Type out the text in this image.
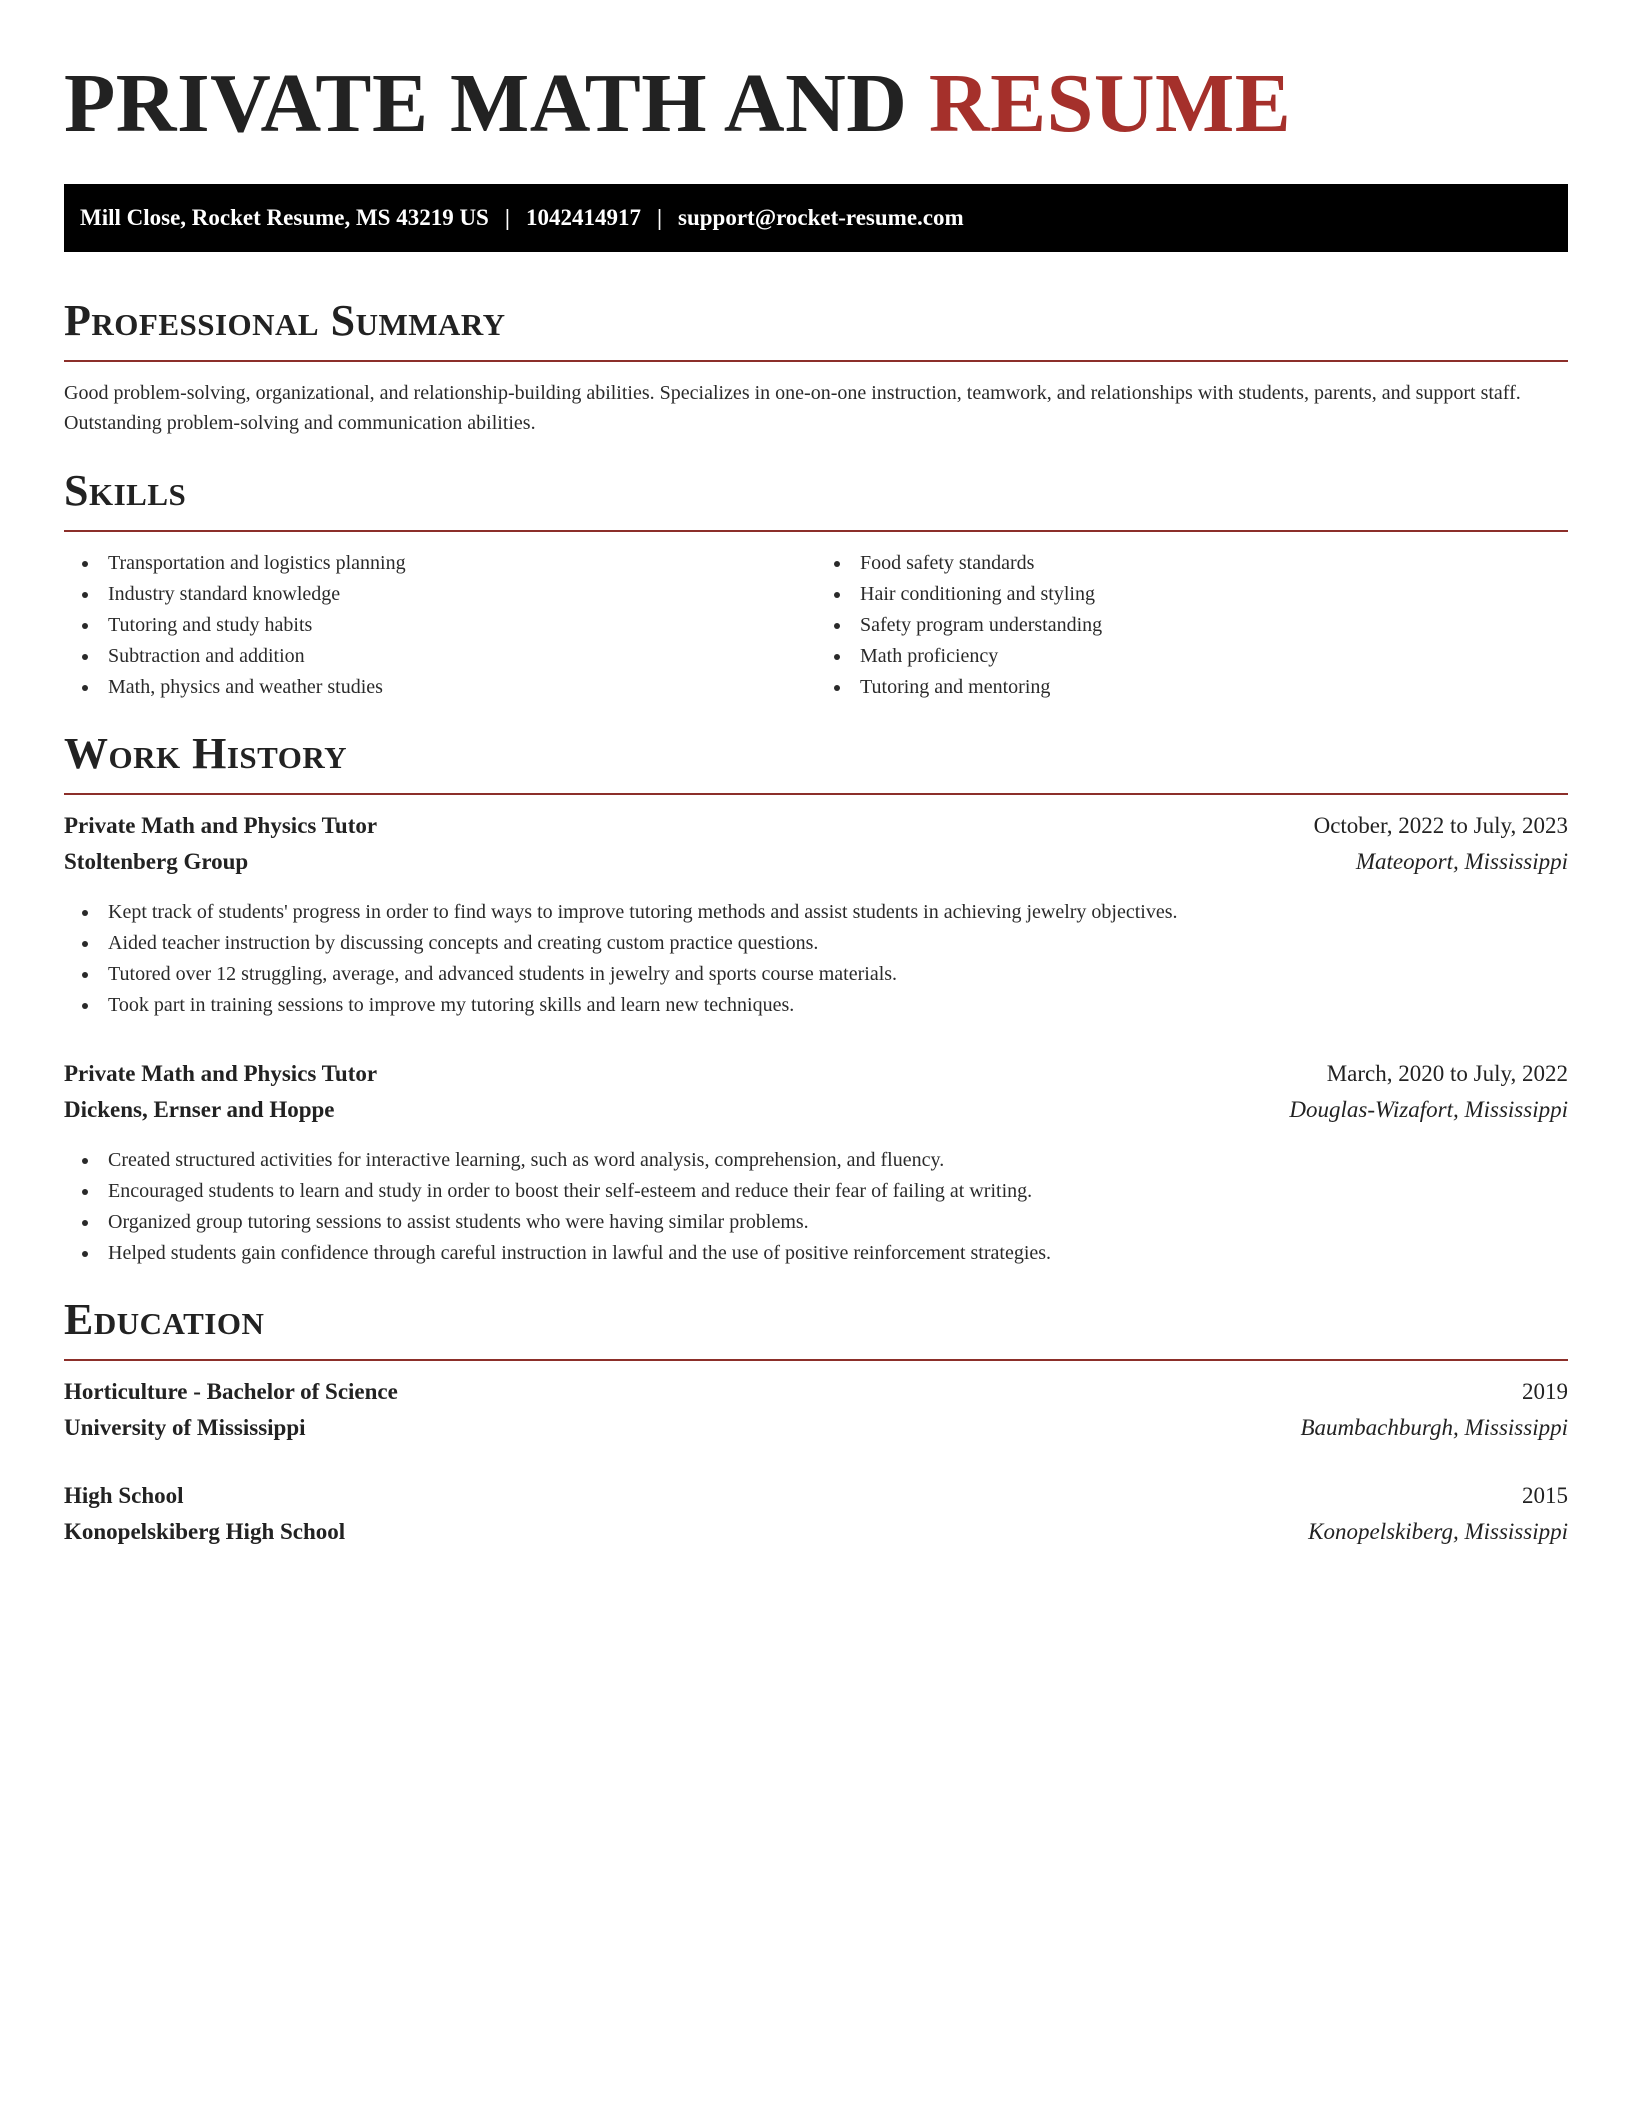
PRIVATE MATH AND RESUME
Mill Close, Rocket Resume, MS 43219 US | 1042414917 | support@rocket-resume.com
Professional Summary

Good problem-solving, organizational, and relationship-building abilities. Specializes in one-on-one instruction, teamwork, and relationships with students, parents, and support staff. Outstanding problem-solving and communication abilities.

Skills
Transportation and logistics planning
Industry standard knowledge
Tutoring and study habits
Subtraction and addition
Math, physics and weather studies
Food safety standards
Hair conditioning and styling
Safety program understanding
Math proficiency
Tutoring and mentoring
Work History
Private Math and Physics Tutor	October, 2022 to July, 2023
Stoltenberg Group	Mateoport, Mississippi
Kept track of students' progress in order to find ways to improve tutoring methods and assist students in achieving jewelry objectives.
Aided teacher instruction by discussing concepts and creating custom practice questions.
Tutored over 12 struggling, average, and advanced students in jewelry and sports course materials.
Took part in training sessions to improve my tutoring skills and learn new techniques.
Private Math and Physics Tutor	March, 2020 to July, 2022
Dickens, Ernser and Hoppe	Douglas-Wizafort, Mississippi
Created structured activities for interactive learning, such as word analysis, comprehension, and fluency.
Encouraged students to learn and study in order to boost their self-esteem and reduce their fear of failing at writing.
Organized group tutoring sessions to assist students who were having similar problems.
Helped students gain confidence through careful instruction in lawful and the use of positive reinforcement strategies.
Education
Horticulture - Bachelor of Science	2019
University of Mississippi	Baumbachburgh, Mississippi
High School	2015
Konopelskiberg High School	Konopelskiberg, Mississippi
